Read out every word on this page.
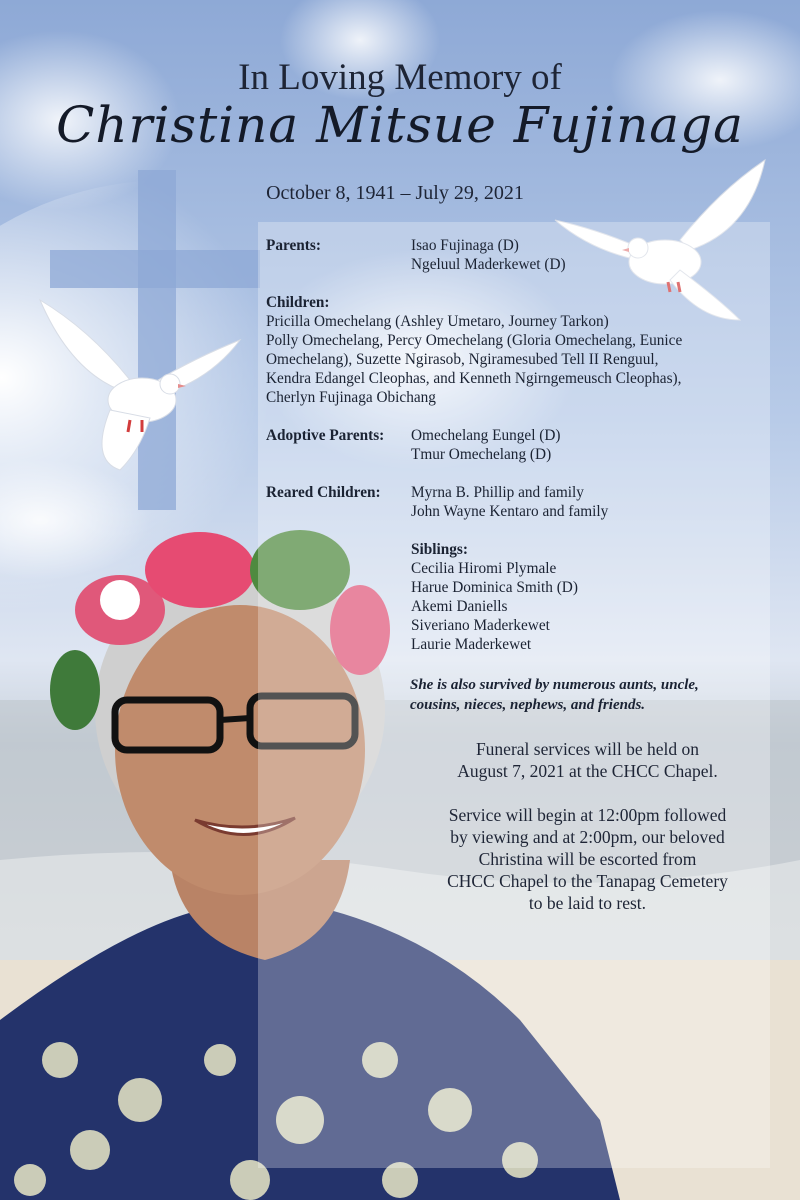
In Loving Memory of
Christina Mitsue Fujinaga
October 8, 1941 – July 29, 2021
Parents:	Isao Fujinaga (D)
Ngeluul Maderkewet (D)
Children:
Pricilla Omechelang (Ashley Umetaro, Journey Tarkon)
Polly Omechelang, Percy Omechelang (Gloria Omechelang, Eunice
Omechelang), Suzette Ngirasob, Ngiramesubed Tell II Renguul,
Kendra Edangel Cleophas, and Kenneth Ngirngemeusch Cleophas),
Cherlyn Fujinaga Obichang
Adoptive Parents:	Omechelang Eungel (D)
Tmur Omechelang (D)
Reared Children:	Myrna B. Phillip and family
John Wayne Kentaro and family
Siblings:
Cecilia Hiromi Plymale
Harue Dominica Smith (D)
Akemi Daniells
Siveriano Maderkewet
Laurie Maderkewet
She is also survived by numerous aunts, uncle,
cousins, nieces, nephews, and friends.

Funeral services will be held on
August 7, 2021 at the CHCC Chapel.

Service will begin at 12:00pm followed
by viewing and at 2:00pm, our beloved
Christina will be escorted from
CHCC Chapel to the Tanapag Cemetery
to be laid to rest.
